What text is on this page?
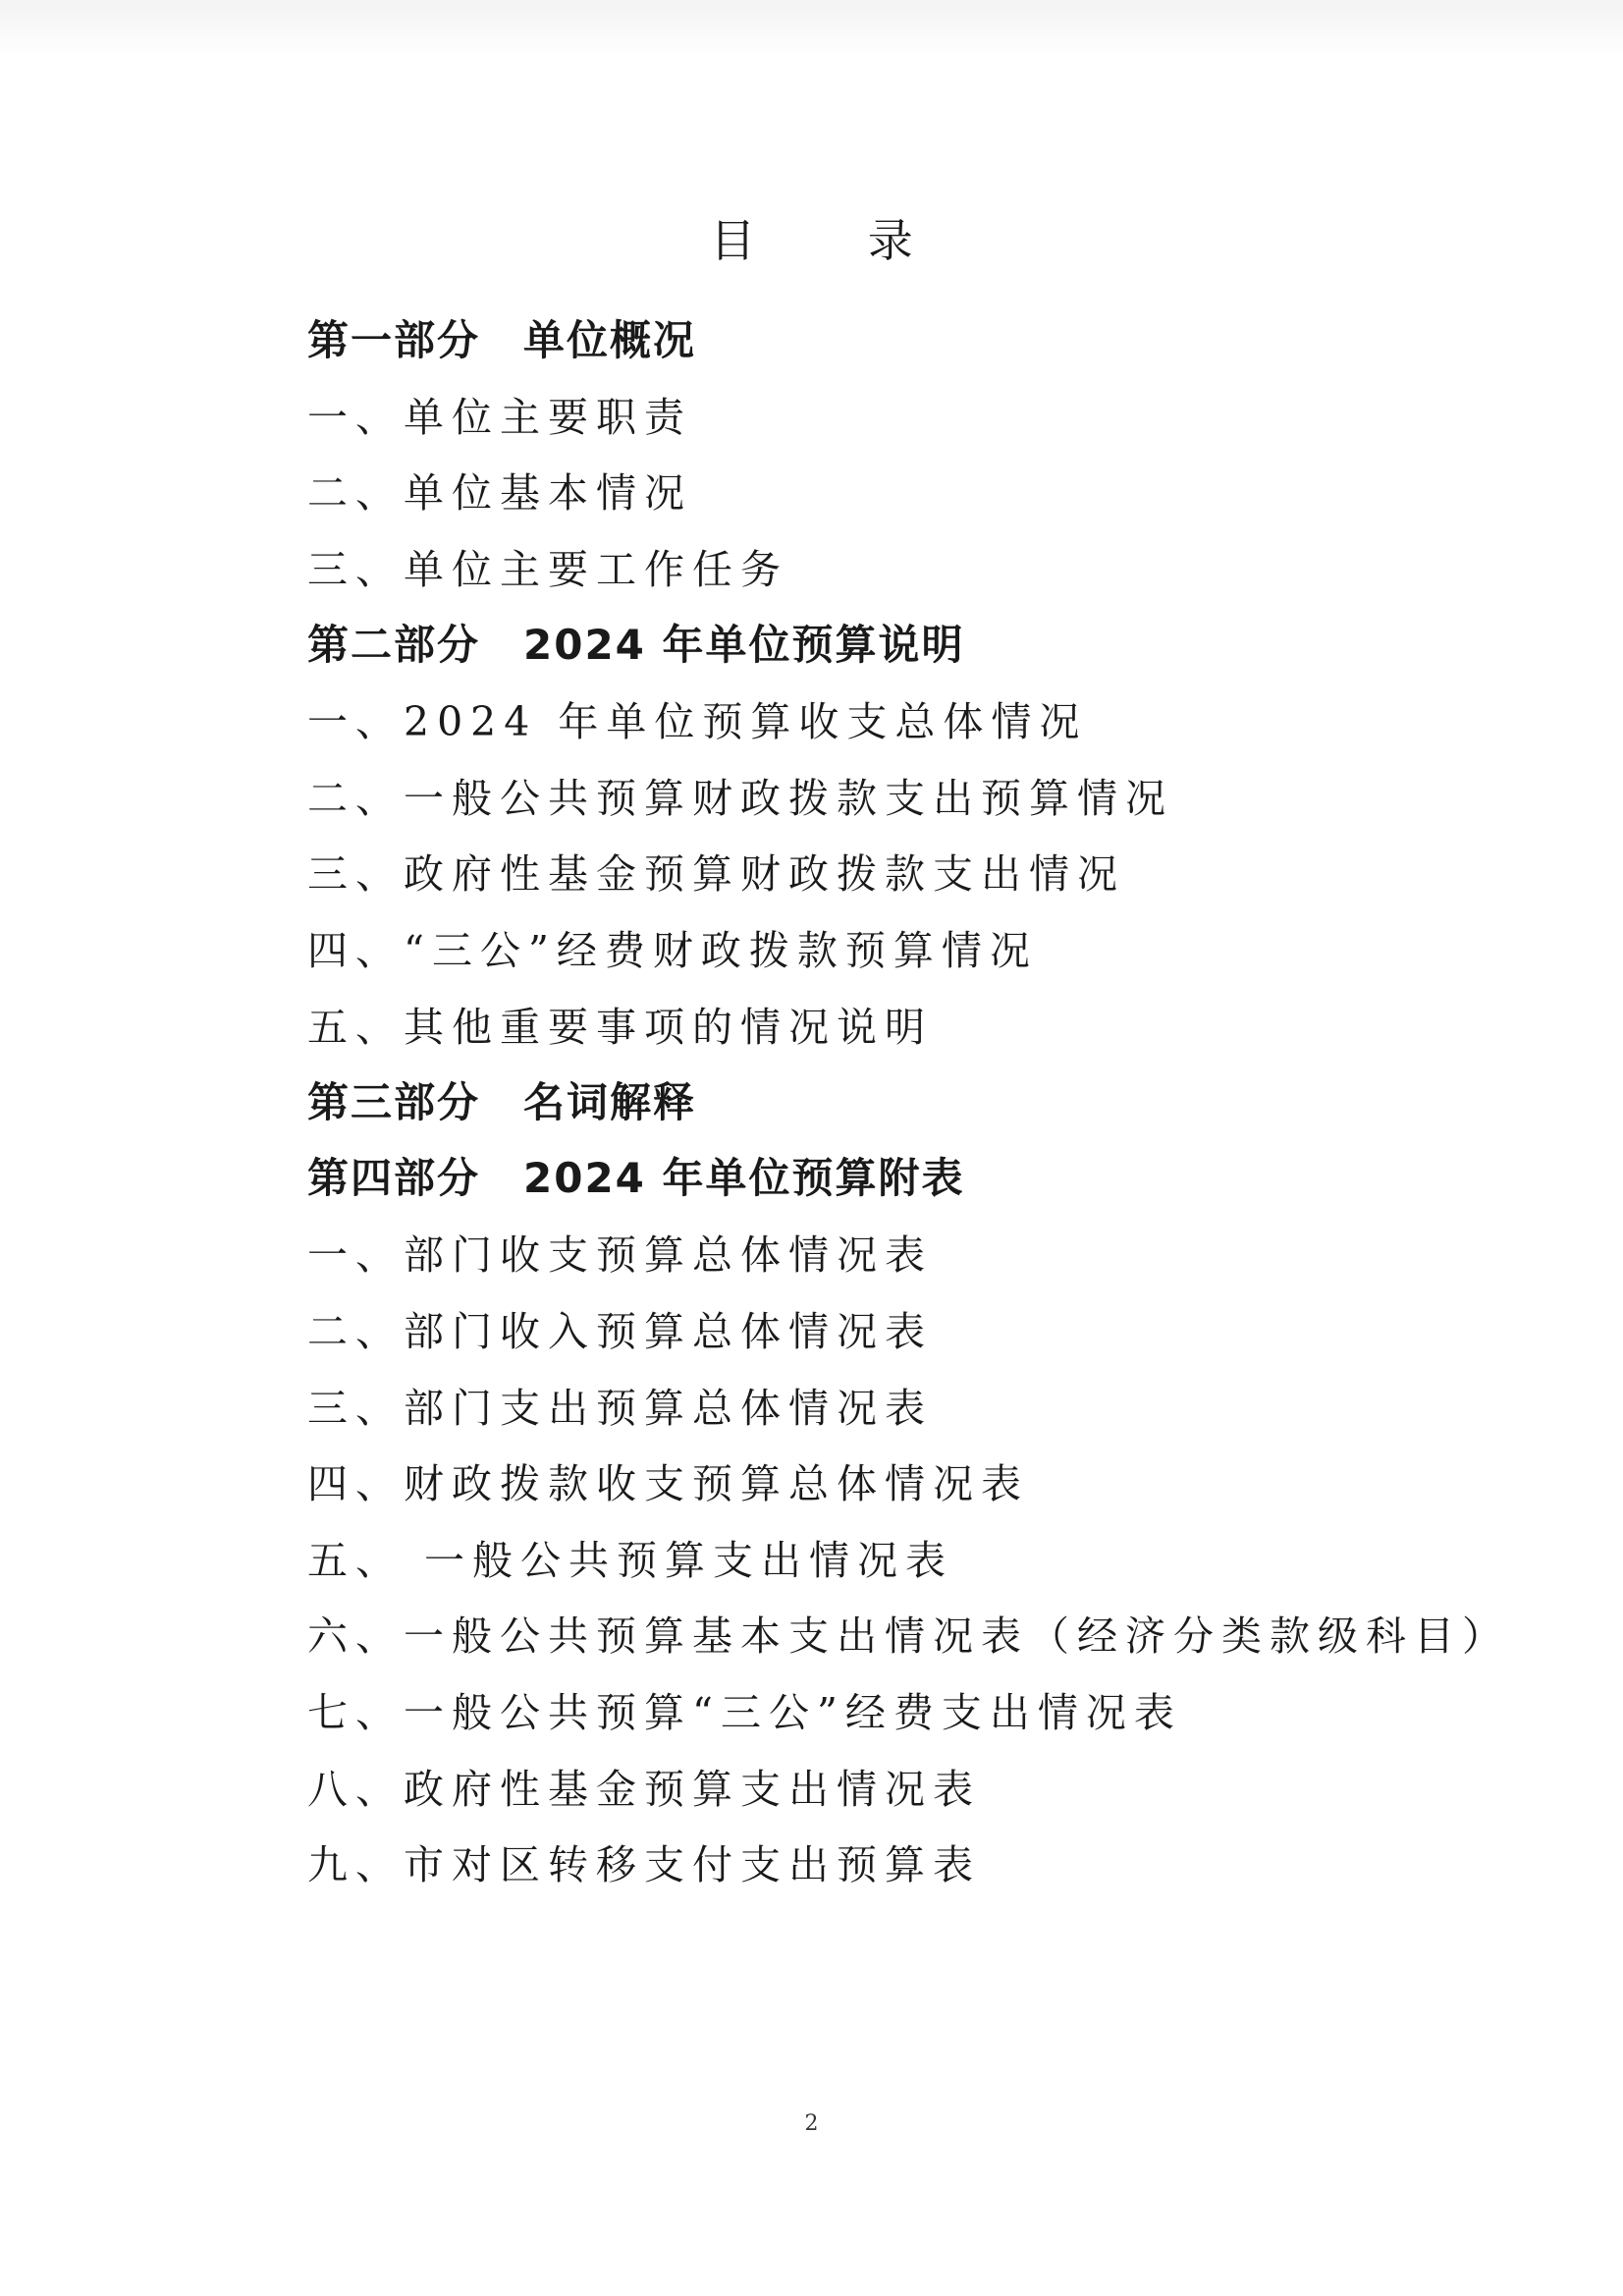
目 录
第一部分　单位概况
一、单位主要职责
二、单位基本情况
三、单位主要工作任务
第二部分　2024 年单位预算说明
一、2024 年单位预算收支总体情况
二、一般公共预算财政拨款支出预算情况
三、政府性基金预算财政拨款支出情况
四、“三公”经费财政拨款预算情况
五、其他重要事项的情况说明
第三部分　名词解释
第四部分　2024 年单位预算附表
一、部门收支预算总体情况表
二、部门收入预算总体情况表
三、部门支出预算总体情况表
四、财政拨款收支预算总体情况表
五、 一般公共预算支出情况表
六、一般公共预算基本支出情况表（经济分类款级科目）
七、一般公共预算“三公”经费支出情况表
八、政府性基金预算支出情况表
九、市对区转移支付支出预算表
2
